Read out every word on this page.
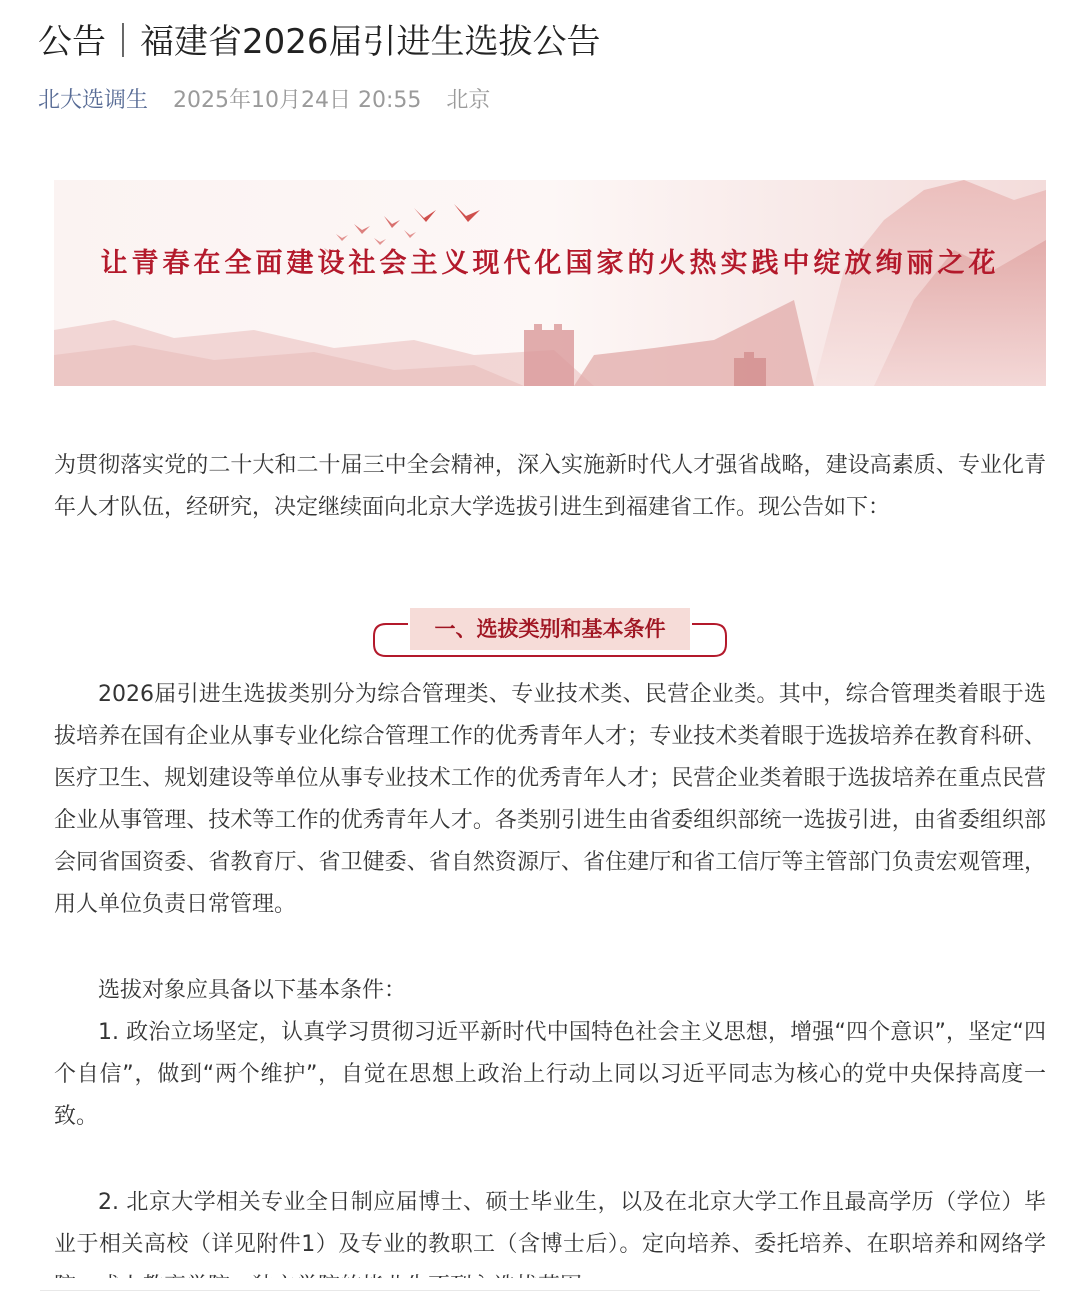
公告｜福建省2026届引进生选拔公告
北大选调生 2025年10月24日 20:55 北京
让青春在全面建设社会主义现代化国家的火热实践中绽放绚丽之花

为贯彻落实党的二十大和二十届三中全会精神，深入实施新时代人才强省战略，建设高素质、专业化青年人才队伍，经研究，决定继续面向北京大学选拔引进生到福建省工作。现公告如下：

一、选拔类别和基本条件

2026届引进生选拔类别分为综合管理类、专业技术类、民营企业类。其中，综合管理类着眼于选拔培养在国有企业从事专业化综合管理工作的优秀青年人才；专业技术类着眼于选拔培养在教育科研、医疗卫生、规划建设等单位从事专业技术工作的优秀青年人才；民营企业类着眼于选拔培养在重点民营企业从事管理、技术等工作的优秀青年人才。各类别引进生由省委组织部统一选拔引进，由省委组织部会同省国资委、省教育厅、省卫健委、省自然资源厅、省住建厅和省工信厅等主管部门负责宏观管理，用人单位负责日常管理。

选拔对象应具备以下基本条件：

1. 政治立场坚定，认真学习贯彻习近平新时代中国特色社会主义思想，增强“四个意识”，坚定“四个自信”，做到“两个维护”，自觉在思想上政治上行动上同以习近平同志为核心的党中央保持高度一致。

2. 北京大学相关专业全日制应届博士、硕士毕业生，以及在北京大学工作且最高学历（学位）毕业于相关高校（详见附件1）及专业的教职工（含博士后）。定向培养、委托培养、在职培养和网络学
